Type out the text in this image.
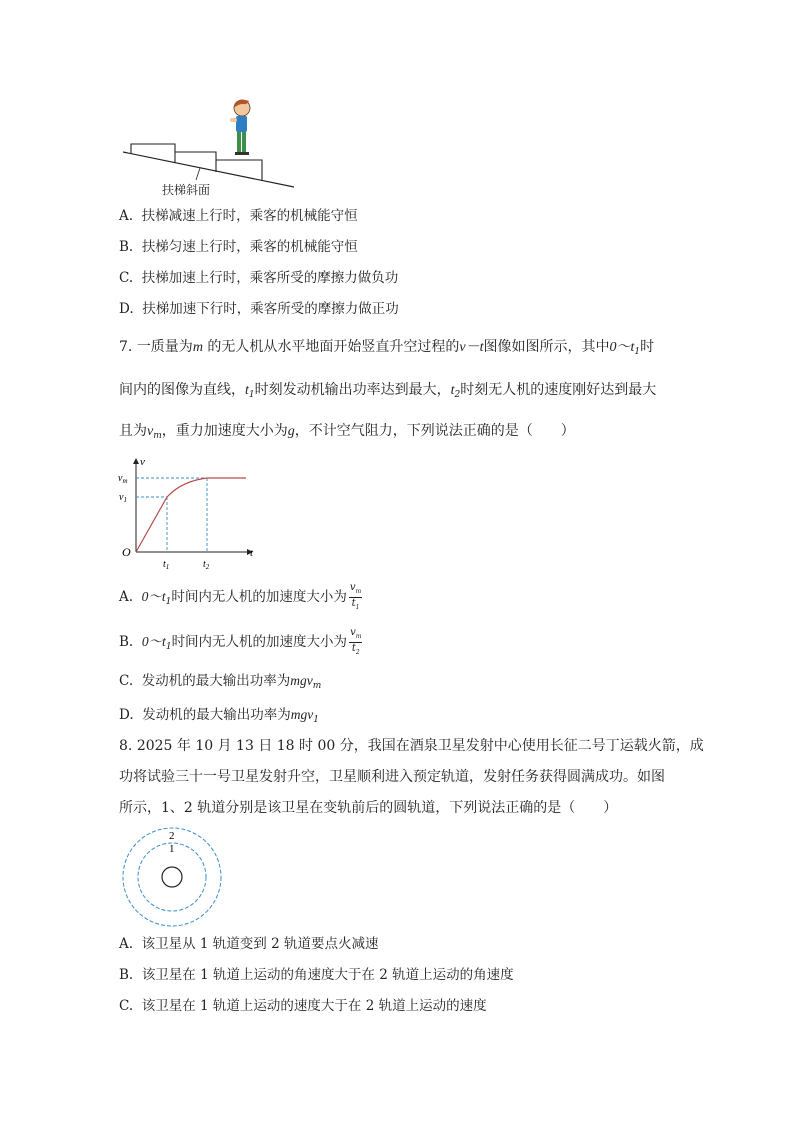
扶梯斜面
A. 扶梯减速上行时，乘客的机械能守恒
B. 扶梯匀速上行时，乘客的机械能守恒
C. 扶梯加速上行时，乘客所受的摩擦力做负功
D. 扶梯加速下行时，乘客所受的摩擦力做正功
7. 一质量为m 的无人机从水平地面开始竖直升空过程的v－t图像如图所示，其中$0\sim t_1$时
间内的图像为直线，$t_1$时刻发动机输出功率达到最大，$t_2$时刻无人机的速度刚好达到最大
且为$v_m$，重力加速度大小为g，不计空气阻力，下列说法正确的是（　　）
v
$v_m$
$v_1$
O	t
$t_1$	$t_2$
A. $0\sim t_1$时间内无人机的加速度大小为 $\frac{v_m}{t_1}$
B. $0\sim t_1$时间内无人机的加速度大小为 $\frac{v_m}{t_2}$
C. 发动机的最大输出功率为mgv$_m$
D. 发动机的最大输出功率为mgv$_1$
8. 2025 年 10 月 13 日 18 时 00 分，我国在酒泉卫星发射中心使用长征二号丁运载火箭，成
功将试验三十一号卫星发射升空，卫星顺利进入预定轨道，发射任务获得圆满成功。如图
所示，1、2 轨道分别是该卫星在变轨前后的圆轨道，下列说法正确的是（　　）
2
1
A. 该卫星从 1 轨道变到 2 轨道要点火减速
B. 该卫星在 1 轨道上运动的角速度大于在 2 轨道上运动的角速度
C. 该卫星在 1 轨道上运动的速度大于在 2 轨道上运动的速度
